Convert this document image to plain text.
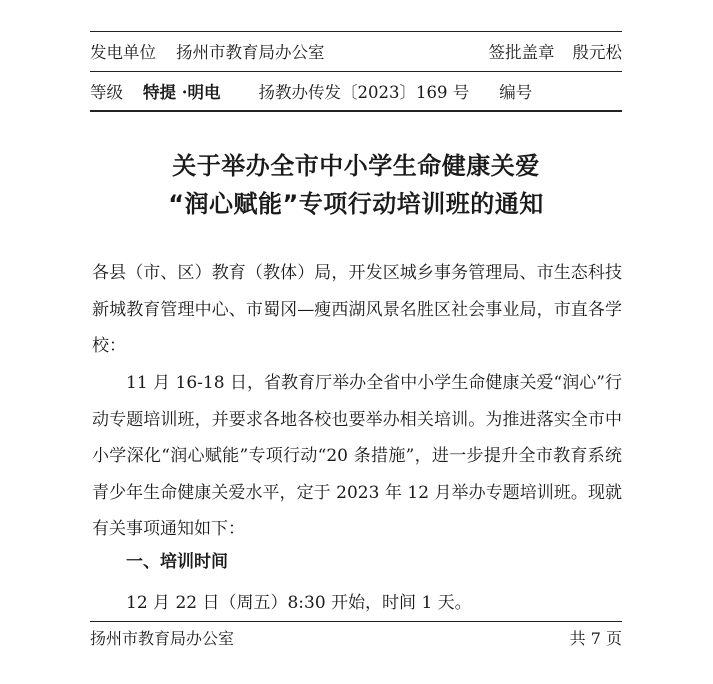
发电单位 扬州市教育局办公室	签批盖章 殷元松
等级 特提 ·明电 扬教办传发〔2023〕169 号 编号
关于举办全市中小学生命健康关爱
“润心赋能”专项行动培训班的通知
各县（市、区）教育（教体）局，开发区城乡事务管理局、市生态科技新城教育管理中心、市蜀冈—瘦西湖风景名胜区社会事业局，市直各学校：
11 月 16-18 日，省教育厅举办全省中小学生命健康关爱“润心”行动专题培训班，并要求各地各校也要举办相关培训。为推进落实全市中小学深化“润心赋能”专项行动“20 条措施”，进一步提升全市教育系统青少年生命健康关爱水平，定于 2023 年 12 月举办专题培训班。现就有关事项通知如下：
一、培训时间
12 月 22 日（周五）8:30 开始，时间 1 天。
扬州市教育局办公室	共 7 页
